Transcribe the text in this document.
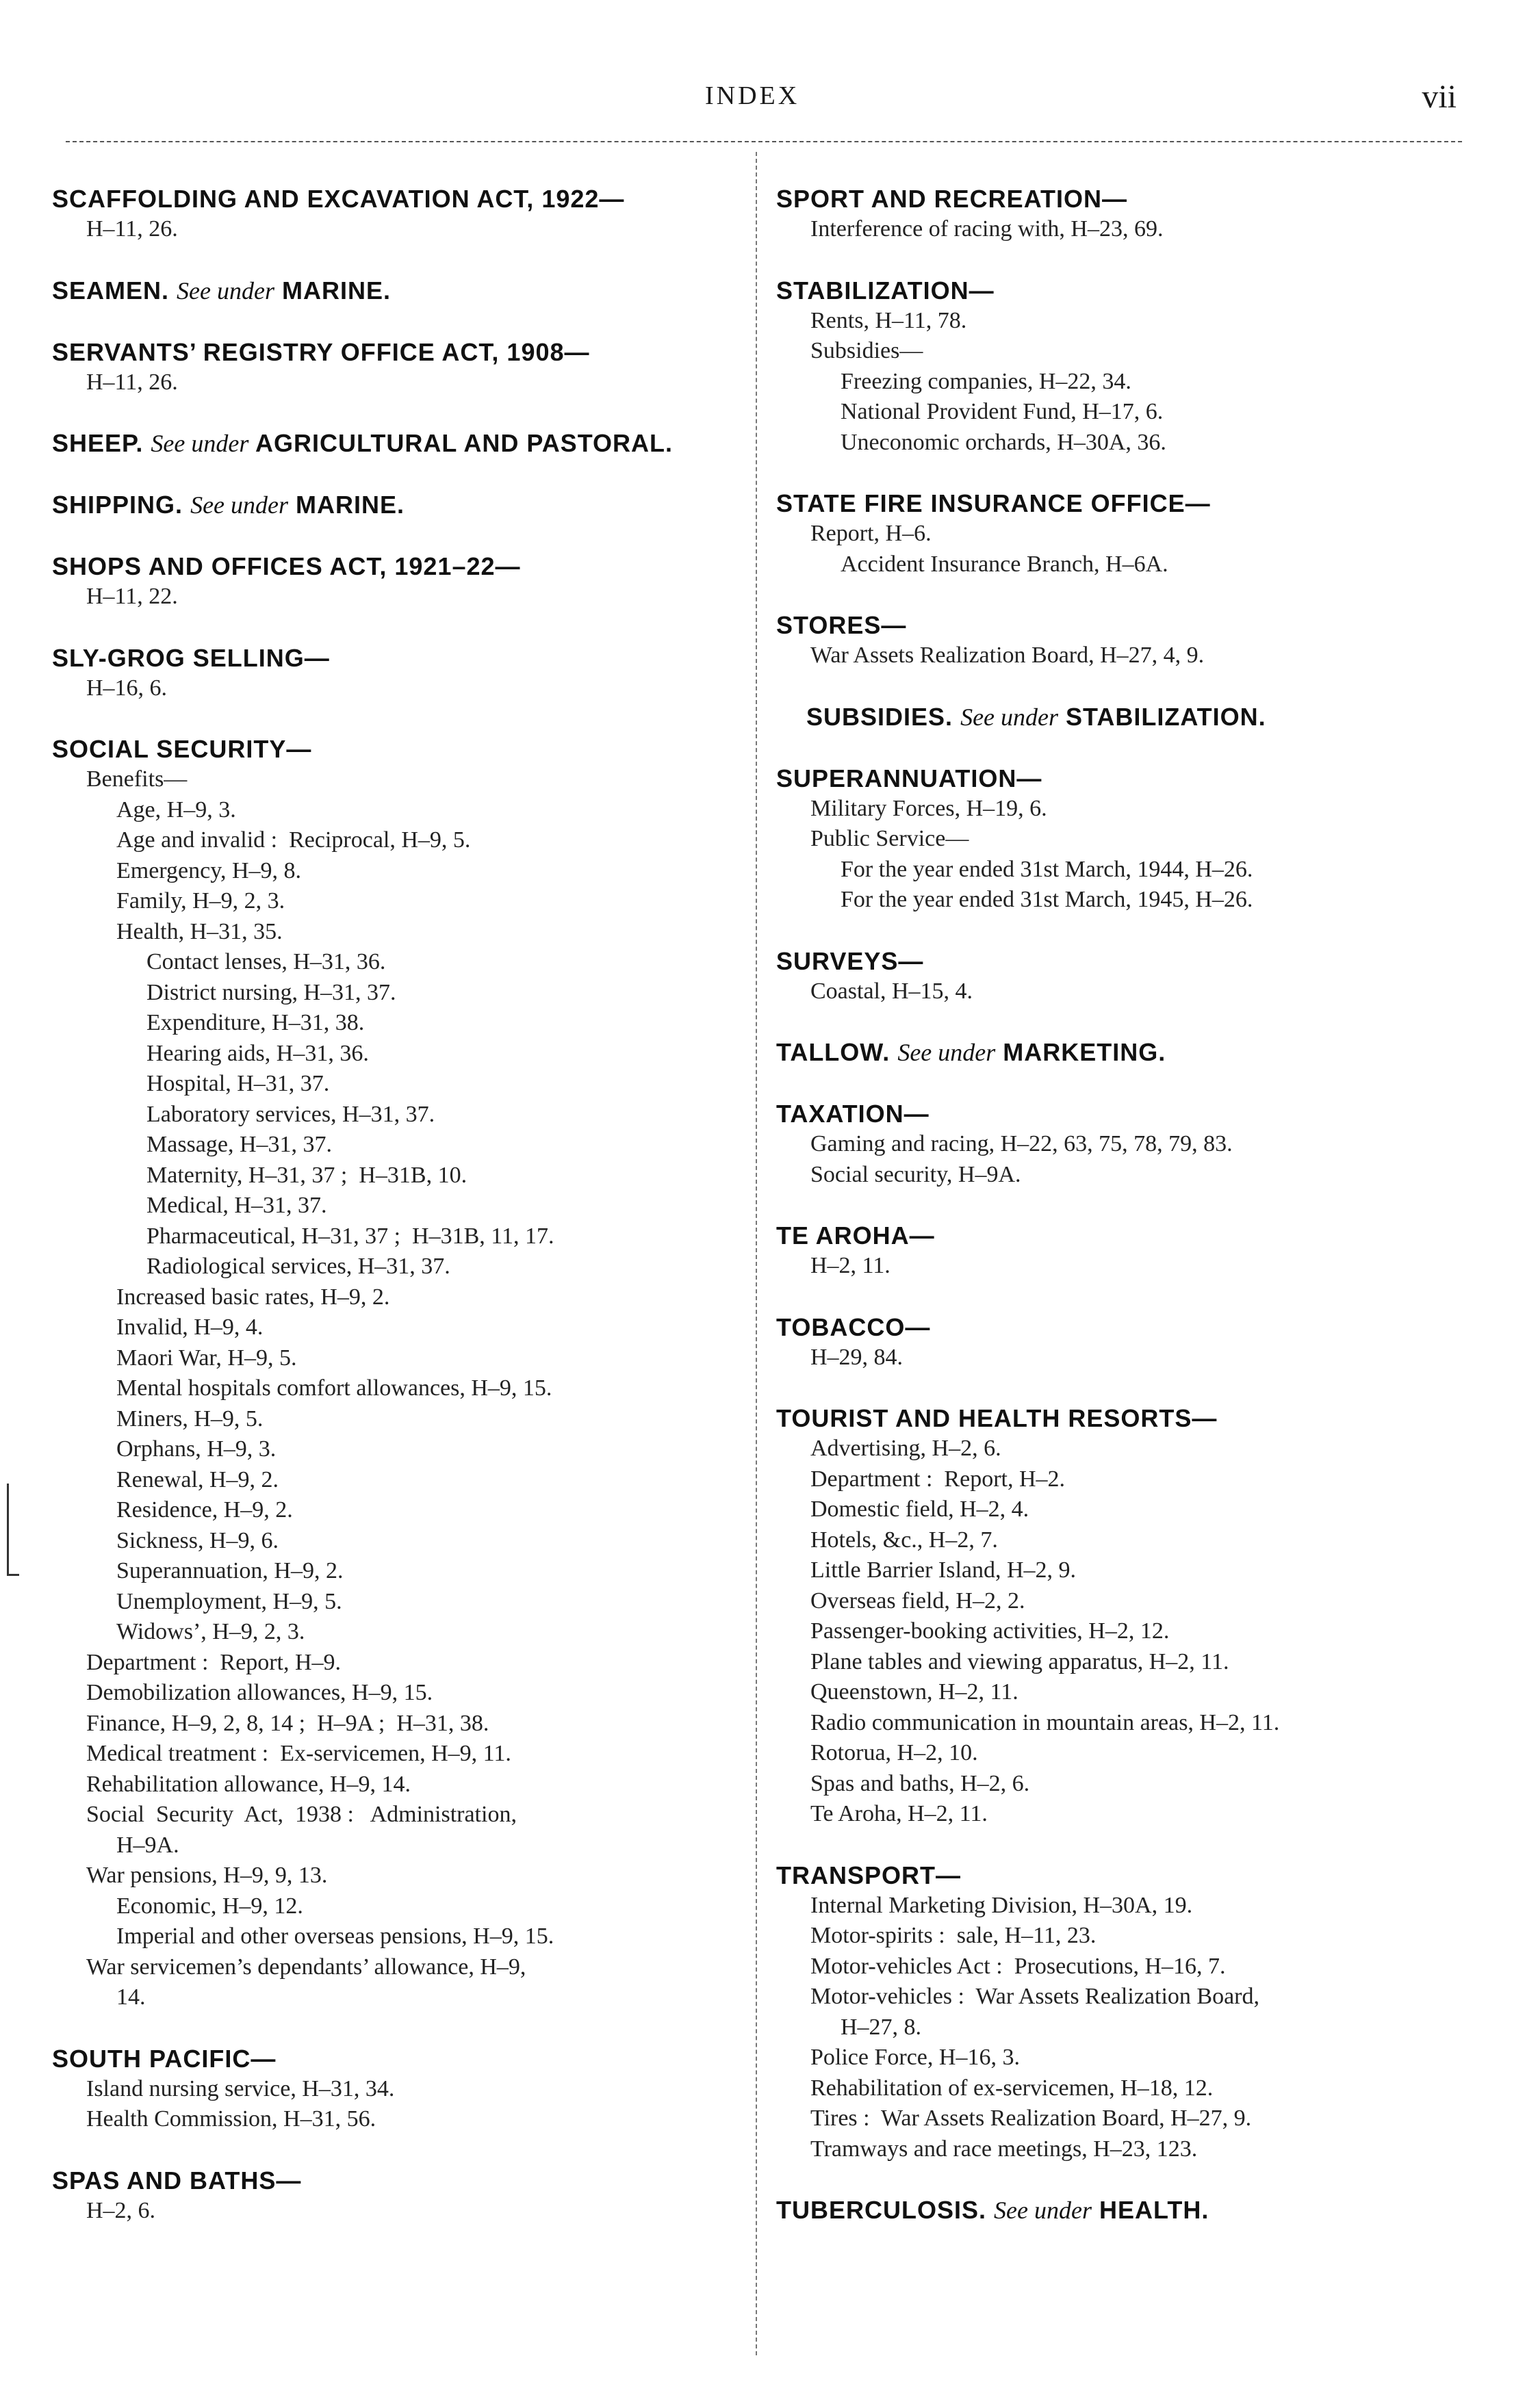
INDEX	vii
SCAFFOLDING AND EXCAVATION ACT, 1922—
H–11, 26.
SEAMEN. See under MARINE.
SERVANTS’ REGISTRY OFFICE ACT, 1908—
H–11, 26.
SHEEP. See under AGRICULTURAL AND PASTORAL.
SHIPPING. See under MARINE.
SHOPS AND OFFICES ACT, 1921–22—
H–11, 22.
SLY-GROG SELLING—
H–16, 6.
SOCIAL SECURITY—
Benefits—
Age, H–9, 3.
Age and invalid :  Reciprocal, H–9, 5.
Emergency, H–9, 8.
Family, H–9, 2, 3.
Health, H–31, 35.
Contact lenses, H–31, 36.
District nursing, H–31, 37.
Expenditure, H–31, 38.
Hearing aids, H–31, 36.
Hospital, H–31, 37.
Laboratory services, H–31, 37.
Massage, H–31, 37.
Maternity, H–31, 37 ;  H–31B, 10.
Medical, H–31, 37.
Pharmaceutical, H–31, 37 ;  H–31B, 11, 17.
Radiological services, H–31, 37.
Increased basic rates, H–9, 2.
Invalid, H–9, 4.
Maori War, H–9, 5.
Mental hospitals comfort allowances, H–9, 15.
Miners, H–9, 5.
Orphans, H–9, 3.
Renewal, H–9, 2.
Residence, H–9, 2.
Sickness, H–9, 6.
Superannuation, H–9, 2.
Unemployment, H–9, 5.
Widows’, H–9, 2, 3.
Department :  Report, H–9.
Demobilization allowances, H–9, 15.
Finance, H–9, 2, 8, 14 ;  H–9A ;  H–31, 38.
Medical treatment :  Ex-servicemen, H–9, 11.
Rehabilitation allowance, H–9, 14.
Social  Security  Act,  1938 :   Administration,
H–9A.
War pensions, H–9, 9, 13.
Economic, H–9, 12.
Imperial and other overseas pensions, H–9, 15.
War servicemen’s dependants’ allowance, H–9,
14.
SOUTH PACIFIC—
Island nursing service, H–31, 34.
Health Commission, H–31, 56.
SPAS AND BATHS—
H–2, 6.
SPORT AND RECREATION—
Interference of racing with, H–23, 69.
STABILIZATION—
Rents, H–11, 78.
Subsidies—
Freezing companies, H–22, 34.
National Provident Fund, H–17, 6.
Uneconomic orchards, H–30A, 36.
STATE FIRE INSURANCE OFFICE—
Report, H–6.
Accident Insurance Branch, H–6A.
STORES—
War Assets Realization Board, H–27, 4, 9.
SUBSIDIES. See under STABILIZATION.
SUPERANNUATION—
Military Forces, H–19, 6.
Public Service—
For the year ended 31st March, 1944, H–26.
For the year ended 31st March, 1945, H–26.
SURVEYS—
Coastal, H–15, 4.
TALLOW. See under MARKETING.
TAXATION—
Gaming and racing, H–22, 63, 75, 78, 79, 83.
Social security, H–9A.
TE AROHA—
H–2, 11.
TOBACCO—
H–29, 84.
TOURIST AND HEALTH RESORTS—
Advertising, H–2, 6.
Department :  Report, H–2.
Domestic field, H–2, 4.
Hotels, &c., H–2, 7.
Little Barrier Island, H–2, 9.
Overseas field, H–2, 2.
Passenger-booking activities, H–2, 12.
Plane tables and viewing apparatus, H–2, 11.
Queenstown, H–2, 11.
Radio communication in mountain areas, H–2, 11.
Rotorua, H–2, 10.
Spas and baths, H–2, 6.
Te Aroha, H–2, 11.
TRANSPORT—
Internal Marketing Division, H–30A, 19.
Motor-spirits :  sale, H–11, 23.
Motor-vehicles Act :  Prosecutions, H–16, 7.
Motor-vehicles :  War Assets Realization Board,
H–27, 8.
Police Force, H–16, 3.
Rehabilitation of ex-servicemen, H–18, 12.
Tires :  War Assets Realization Board, H–27, 9.
Tramways and race meetings, H–23, 123.
TUBERCULOSIS. See under HEALTH.
